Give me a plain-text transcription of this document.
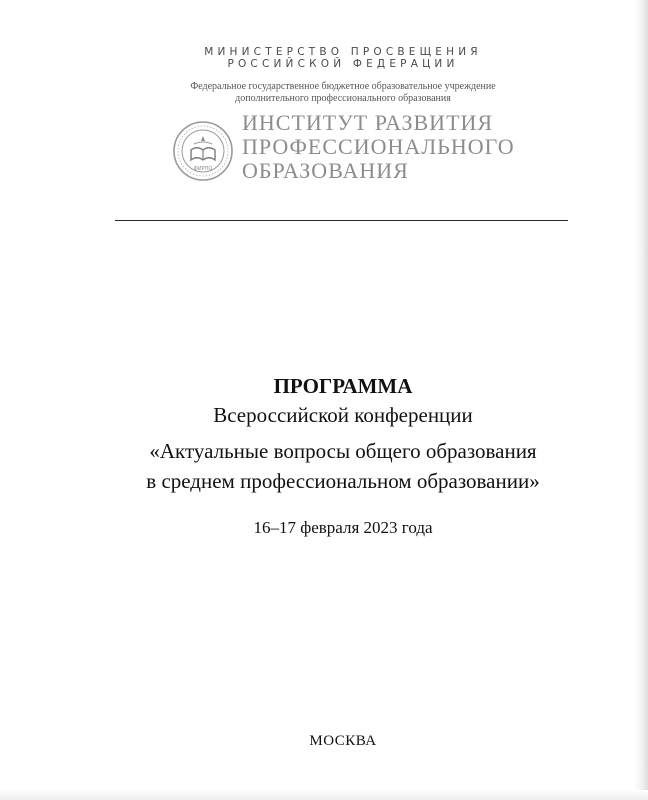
МИНИСТЕРСТВО ПРОСВЕЩЕНИЯ
РОССИЙСКОЙ ФЕДЕРАЦИИ
Федеральное государственное бюджетное образовательное учреждение
дополнительного профессионального образования
ФИРПО
ИНСТИТУТ РАЗВИТИЯ
ПРОФЕССИОНАЛЬНОГО
ОБРАЗОВАНИЯ
ПРОГРАММА
Всероссийской конференции
«Актуальные вопросы общего образования
в среднем профессиональном образовании»
16–17 февраля 2023 года
МОСКВА
